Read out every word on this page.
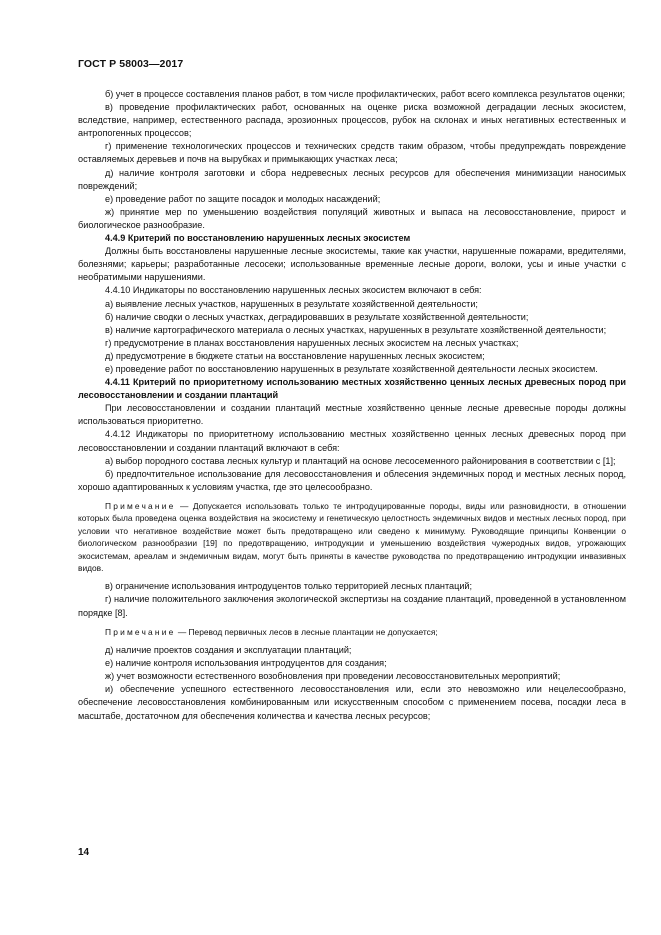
ГОСТ Р 58003—2017

б) учет в процессе составления планов работ, в том числе профилактических, работ всего комплекса результатов оценки;

в) проведение профилактических работ, основанных на оценке риска возможной деградации лесных экосистем, вследствие, например, естественного распада, эрозионных процессов, рубок на склонах и иных негативных естественных и антропогенных процессов;

г) применение технологических процессов и технических средств таким образом, чтобы предупреждать повреждение оставляемых деревьев и почв на вырубках и примыкающих участках леса;

д) наличие контроля заготовки и сбора недревесных лесных ресурсов для обеспечения минимизации наносимых повреждений;

е) проведение работ по защите посадок и молодых насаждений;

ж) принятие мер по уменьшению воздействия популяций животных и выпаса на лесовосстановление, прирост и биологическое разнообразие.

4.4.9 Критерий по восстановлению нарушенных лесных экосистем

Должны быть восстановлены нарушенные лесные экосистемы, такие как участки, нарушенные пожарами, вредителями, болезнями; карьеры; разработанные лесосеки; использованные временные лесные дороги, волоки, усы и иные участки с необратимыми нарушениями.

4.4.10 Индикаторы по восстановлению нарушенных лесных экосистем включают в себя:

а) выявление лесных участков, нарушенных в результате хозяйственной деятельности;

б) наличие сводки о лесных участках, деградировавших в результате хозяйственной деятельности;

в) наличие картографического материала о лесных участках, нарушенных в результате хозяйственной деятельности;

г) предусмотрение в планах восстановления нарушенных лесных экосистем на лесных участках;

д) предусмотрение в бюджете статьи на восстановление нарушенных лесных экосистем;

е) проведение работ по восстановлению нарушенных в результате хозяйственной деятельности лесных экосистем.

4.4.11 Критерий по приоритетному использованию местных хозяйственно ценных лесных древесных пород при лесовосстановлении и создании плантаций

При лесовосстановлении и создании плантаций местные хозяйственно ценные лесные древесные породы должны использоваться приоритетно.

4.4.12 Индикаторы по приоритетному использованию местных хозяйственно ценных лесных древесных пород при лесовосстановлении и создании плантаций включают в себя:

а) выбор породного состава лесных культур и плантаций на основе лесосеменного районирования в соответствии с [1];

б) предпочтительное использование для лесовосстановления и облесения эндемичных пород и местных лесных пород, хорошо адаптированных к условиям участка, где это целесообразно.

Примечание — Допускается использовать только те интродуцированные породы, виды или разновидности, в отношении которых была проведена оценка воздействия на экосистему и генетическую целостность эндемичных видов и местных лесных пород, при условии что негативное воздействие может быть предотвращено или сведено к минимуму. Руководящие принципы Конвенции о биологическом разнообразии [19] по предотвращению, интродукции и уменьшению воздействия чужеродных видов, угрожающих экосистемам, ареалам и эндемичным видам, могут быть приняты в качестве руководства по предотвращению интродукции инвазивных видов.

в) ограничение использования интродуцентов только территорией лесных плантаций;

г) наличие положительного заключения экологической экспертизы на создание плантаций, проведенной в установленном порядке [8].

Примечание — Перевод первичных лесов в лесные плантации не допускается;

д) наличие проектов создания и эксплуатации плантаций;

е) наличие контроля использования интродуцентов для создания;

ж) учет возможности естественного возобновления при проведении лесовосстановительных мероприятий;

и) обеспечение успешного естественного лесовосстановления или, если это невозможно или нецелесообразно, обеспечение лесовосстановления комбинированным или искусственным способом с применением посева, посадки леса в масштабе, достаточном для обеспечения количества и качества лесных ресурсов;

14
